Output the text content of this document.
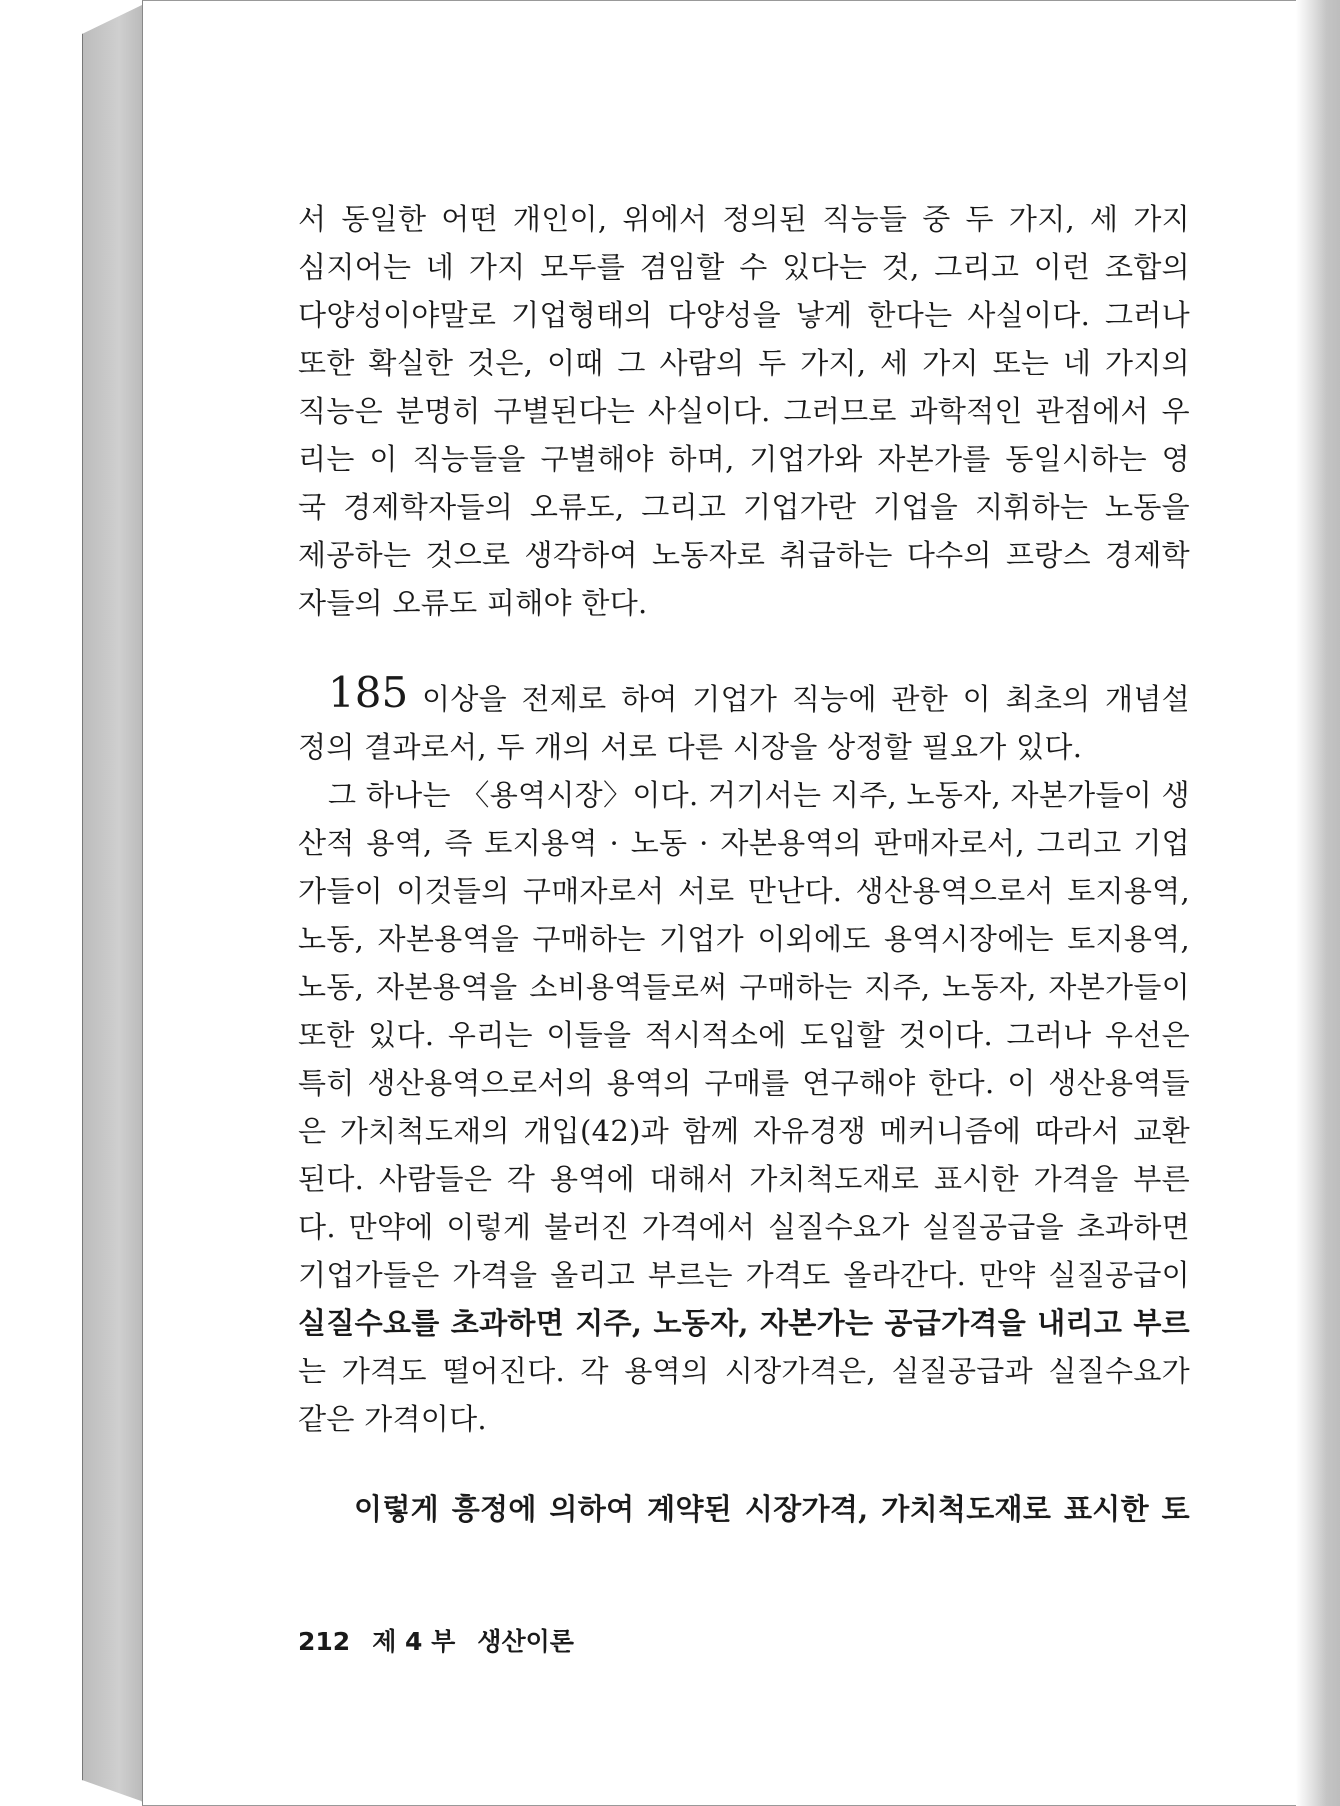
서 동일한 어떤 개인이, 위에서 정의된 직능들 중 두 가지, 세 가지
심지어는 네 가지 모두를 겸임할 수 있다는 것, 그리고 이런 조합의
다양성이야말로 기업형태의 다양성을 낳게 한다는 사실이다. 그러나
또한 확실한 것은, 이때 그 사람의 두 가지, 세 가지 또는 네 가지의
직능은 분명히 구별된다는 사실이다. 그러므로 과학적인 관점에서 우
리는 이 직능들을 구별해야 하며, 기업가와 자본가를 동일시하는 영
국 경제학자들의 오류도, 그리고 기업가란 기업을 지휘하는 노동을
제공하는 것으로 생각하여 노동자로 취급하는 다수의 프랑스 경제학
자들의 오류도 피해야 한다.
185 이상을 전제로 하여 기업가 직능에 관한 이 최초의 개념설
정의 결과로서, 두 개의 서로 다른 시장을 상정할 필요가 있다.
그 하나는 〈용역시장〉이다. 거기서는 지주, 노동자, 자본가들이 생
산적 용역, 즉 토지용역 · 노동 · 자본용역의 판매자로서, 그리고 기업
가들이 이것들의 구매자로서 서로 만난다. 생산용역으로서 토지용역,
노동, 자본용역을 구매하는 기업가 이외에도 용역시장에는 토지용역,
노동, 자본용역을 소비용역들로써 구매하는 지주, 노동자, 자본가들이
또한 있다. 우리는 이들을 적시적소에 도입할 것이다. 그러나 우선은
특히 생산용역으로서의 용역의 구매를 연구해야 한다. 이 생산용역들
은 가치척도재의 개입(42)과 함께 자유경쟁 메커니즘에 따라서 교환
된다. 사람들은 각 용역에 대해서 가치척도재로 표시한 가격을 부른
다. 만약에 이렇게 불러진 가격에서 실질수요가 실질공급을 초과하면
기업가들은 가격을 올리고 부르는 가격도 올라간다. 만약 실질공급이
실질수요를 초과하면 지주, 노동자, 자본가는 공급가격을 내리고 부르
는 가격도 떨어진다. 각 용역의 시장가격은, 실질공급과 실질수요가
같은 가격이다.
이렇게 흥정에 의하여 계약된 시장가격, 가치척도재로 표시한 토
212 제 4 부 생산이론
